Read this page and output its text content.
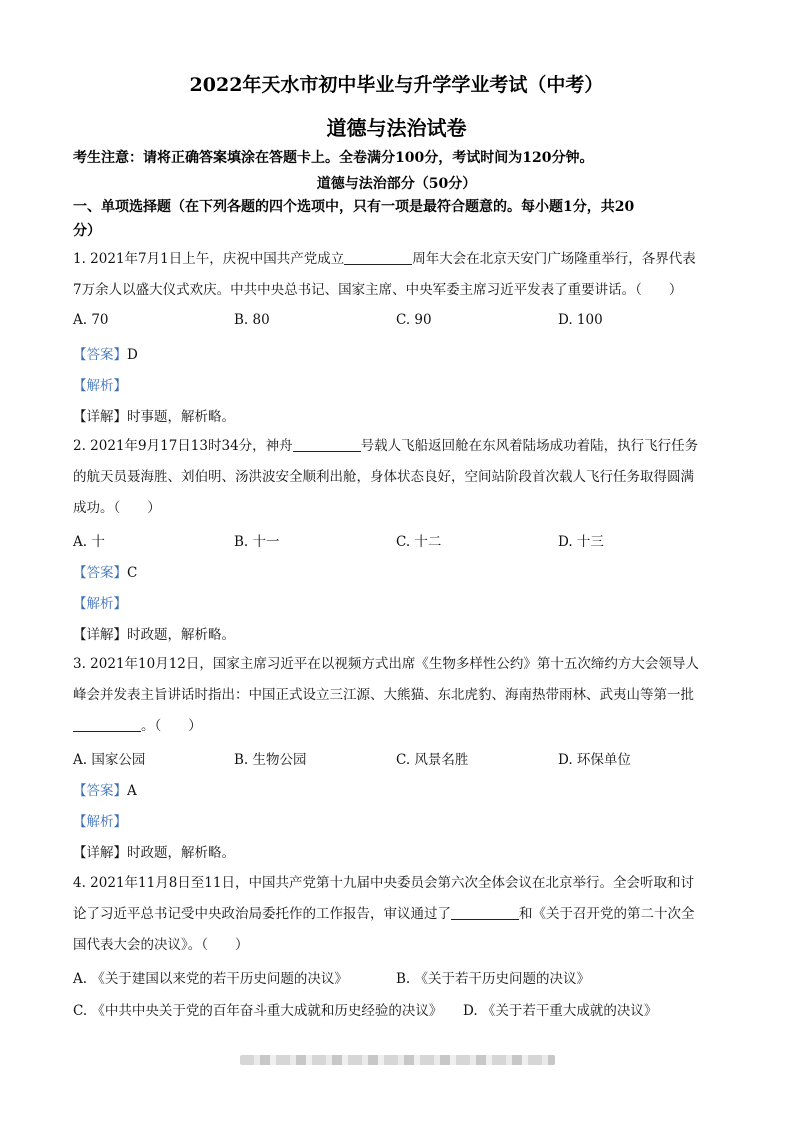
2022年天水市初中毕业与升学学业考试（中考）
道德与法治试卷
考生注意：请将正确答案填涂在答题卡上。全卷满分100分，考试时间为120分钟。
道德与法治部分（50分）
一、单项选择题（在下列各题的四个选项中，只有一项是最符合题意的。每小题1分，共20
分）
1. 2021年7月1日上午，庆祝中国共产党成立	周年大会在北京天安门广场隆重举行，各界代表
7万余人以盛大仪式欢庆。中共中央总书记、国家主席、中央军委主席习近平发表了重要讲话。（　　）
A. 70	B. 80	C. 90	D. 100
【答案】D
【解析】
【详解】时事题，解析略。
2. 2021年9月17日13时34分，神舟	号载人飞船返回舱在东风着陆场成功着陆，执行飞行任务
的航天员聂海胜、刘伯明、汤洪波安全顺利出舱，身体状态良好，空间站阶段首次载人飞行任务取得圆满
成功。（　　）
A. 十	B. 十一	C. 十二	D. 十三
【答案】C
【解析】
【详解】时政题，解析略。
3. 2021年10月12日，国家主席习近平在以视频方式出席《生物多样性公约》第十五次缔约方大会领导人
峰会并发表主旨讲话时指出：中国正式设立三江源、大熊猫、东北虎豹、海南热带雨林、武夷山等第一批
。（　　）
A. 国家公园	B. 生物公园	C. 风景名胜	D. 环保单位
【答案】A
【解析】
【详解】时政题，解析略。
4. 2021年11月8日至11日，中国共产党第十九届中央委员会第六次全体会议在北京举行。全会听取和讨
论了习近平总书记受中央政治局委托作的工作报告，审议通过了	和《关于召开党的第二十次全
国代表大会的决议》。（　　）
A. 《关于建国以来党的若干历史问题的决议》	B. 《关于若干历史问题的决议》
C. 《中共中央关于党的百年奋斗重大成就和历史经验的决议》 D. 《关于若干重大成就的决议》
